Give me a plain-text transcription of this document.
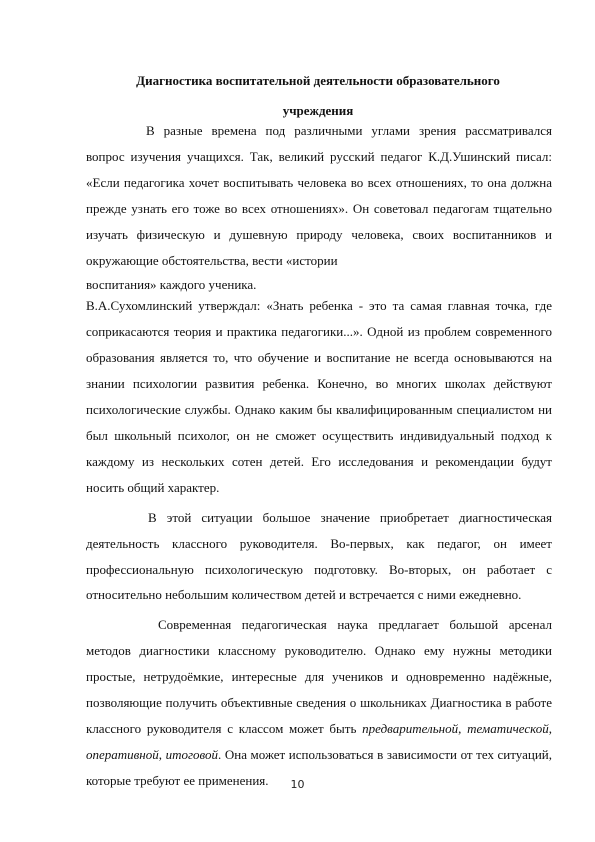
Диагностика воспитательной деятельности образовательного
учреждения

В разные времена под различными углами зрения рассматривался вопрос изучения учащихся. Так, великий русский педагог К.Д.Ушинский писал: «Если педагогика хочет воспитывать человека во всех отношениях, то она должна прежде узнать его тоже во всех отношениях». Он советовал педагогам тщательно изучать физическую и душевную природу человека, своих воспитанников и окружающие обстоятельства, вести «истории

воспитания» каждого ученика.

В.А.Сухомлинский утверждал: «Знать ребенка - это та самая главная точка, где соприкасаются теория и практика педагогики...». Одной из проблем современного образования является то, что обучение и воспитание не всегда основываются на знании психологии развития ребенка. Конечно, во многих школах действуют психологические службы. Однако каким бы квалифицированным специалистом ни был школьный психолог, он не сможет осуществить индивидуальный подход к каждому из нескольких сотен детей. Его исследования и рекомендации будут носить общий характер.

В этой ситуации большое значение приобретает диагностическая деятельность классного руководителя. Во-первых, как педагог, он имеет профессиональную психологическую подготовку. Во-вторых, он работает с относительно небольшим количеством детей и встречается с ними ежедневно.

Современная педагогическая наука предлагает большой арсенал методов диагностики классному руководителю. Однако ему нужны методики простые, нетрудоёмкие, интересные для учеников и одновременно надёжные, позволяющие получить объективные сведения о школьниках Диагностика в работе классного руководителя с классом может быть предварительной, тематической, оперативной, итоговой. Она может использоваться в зависимости от тех ситуаций, которые требуют ее применения.	10
